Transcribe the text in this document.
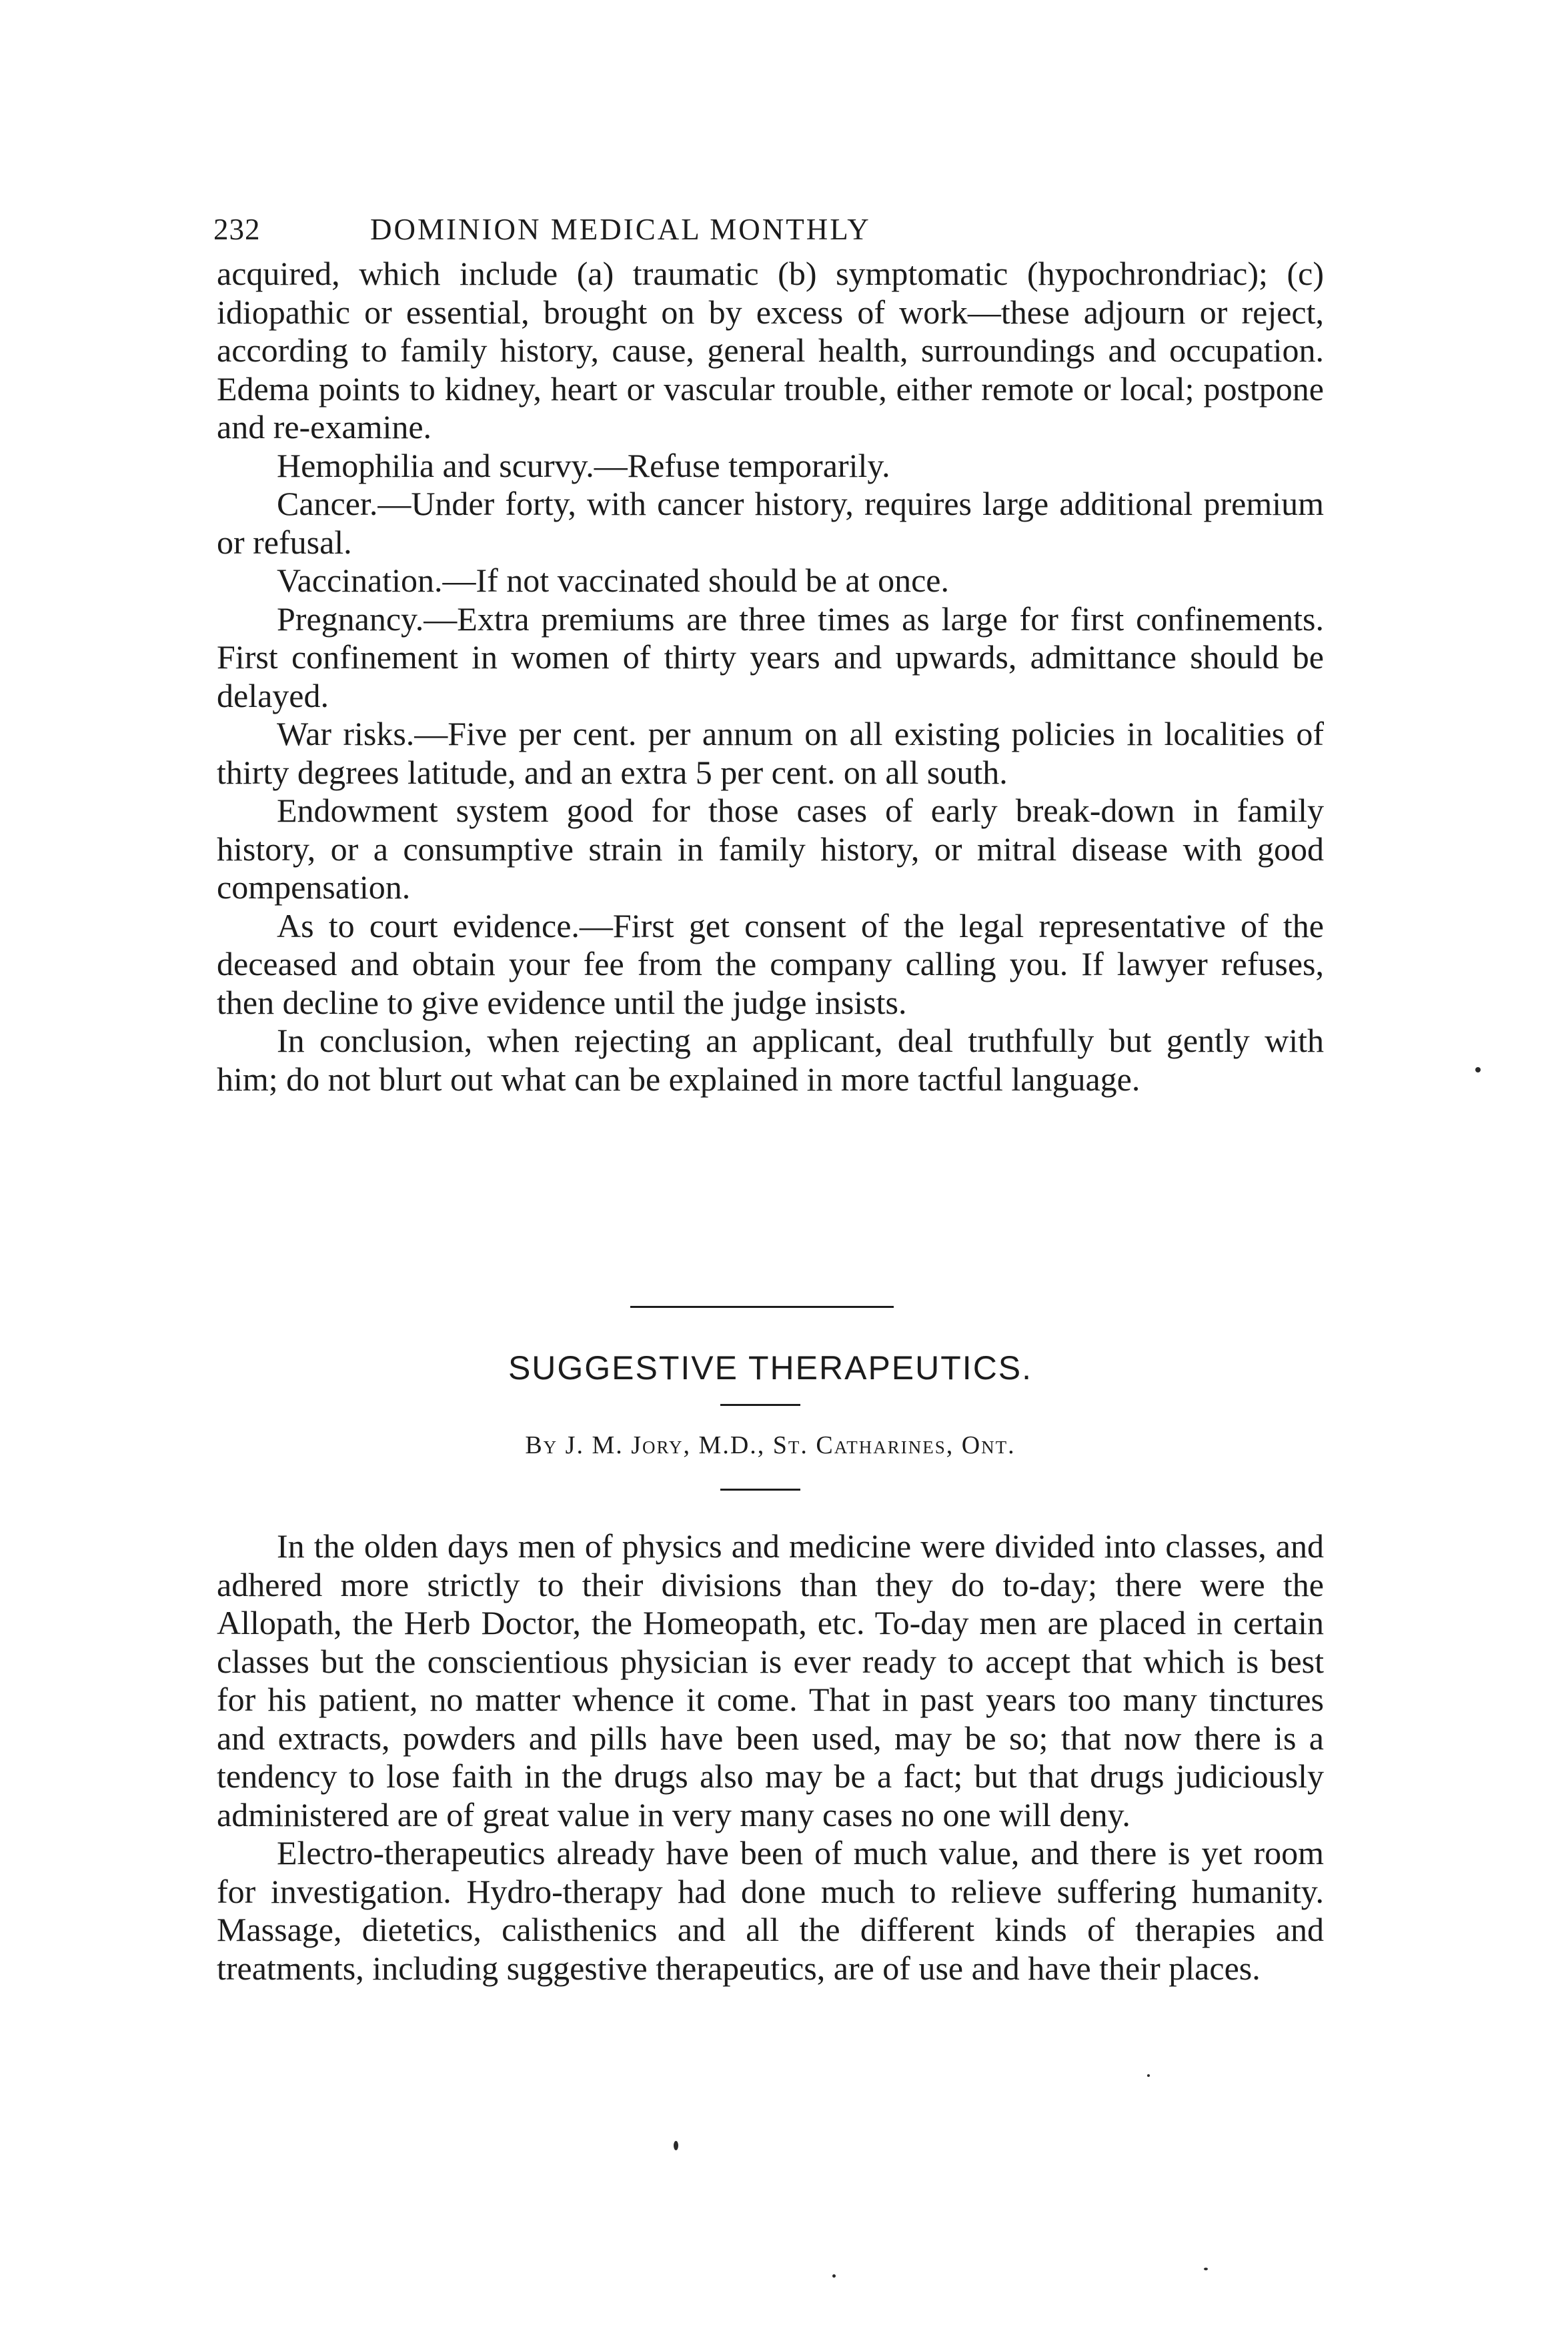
232	DOMINION MEDICAL MONTHLY

acquired, which include (a) traumatic (b) symptomatic (hypochrondriac); (c) idiopathic or essential, brought on by excess of work—these adjourn or reject, according to family history, cause, general health, surroundings and occupation. Edema points to kidney, heart or vascular trouble, either remote or local; postpone and re-examine.

Hemophilia and scurvy.—Refuse temporarily.

Cancer.—Under forty, with cancer history, requires large additional premium or refusal.

Vaccination.—If not vaccinated should be at once.

Pregnancy.—Extra premiums are three times as large for first confinements. First confinement in women of thirty years and upwards, admittance should be delayed.

War risks.—Five per cent. per annum on all existing policies in localities of thirty degrees latitude, and an extra 5 per cent. on all south.

Endowment system good for those cases of early break-down in family history, or a consumptive strain in family history, or mitral disease with good compensation.

As to court evidence.—First get consent of the legal representative of the deceased and obtain your fee from the company calling you. If lawyer refuses, then decline to give evidence until the judge insists.

In conclusion, when rejecting an applicant, deal truthfully but gently with him; do not blurt out what can be explained in more tactful language.

SUGGESTIVE THERAPEUTICS.
By J. M. Jory, M.D., St. Catharines, Ont.

In the olden days men of physics and medicine were divided into classes, and adhered more strictly to their divisions than they do to-day; there were the Allopath, the Herb Doctor, the Homeopath, etc. To-day men are placed in certain classes but the conscientious physician is ever ready to accept that which is best for his patient, no matter whence it come. That in past years too many tinctures and extracts, powders and pills have been used, may be so; that now there is a tendency to lose faith in the drugs also may be a fact; but that drugs judiciously administered are of great value in very many cases no one will deny.

Electro-therapeutics already have been of much value, and there is yet room for investigation. Hydro-therapy had done much to relieve suffering humanity. Massage, dietetics, calisthenics and all the different kinds of therapies and treatments, including suggestive therapeutics, are of use and have their places.
